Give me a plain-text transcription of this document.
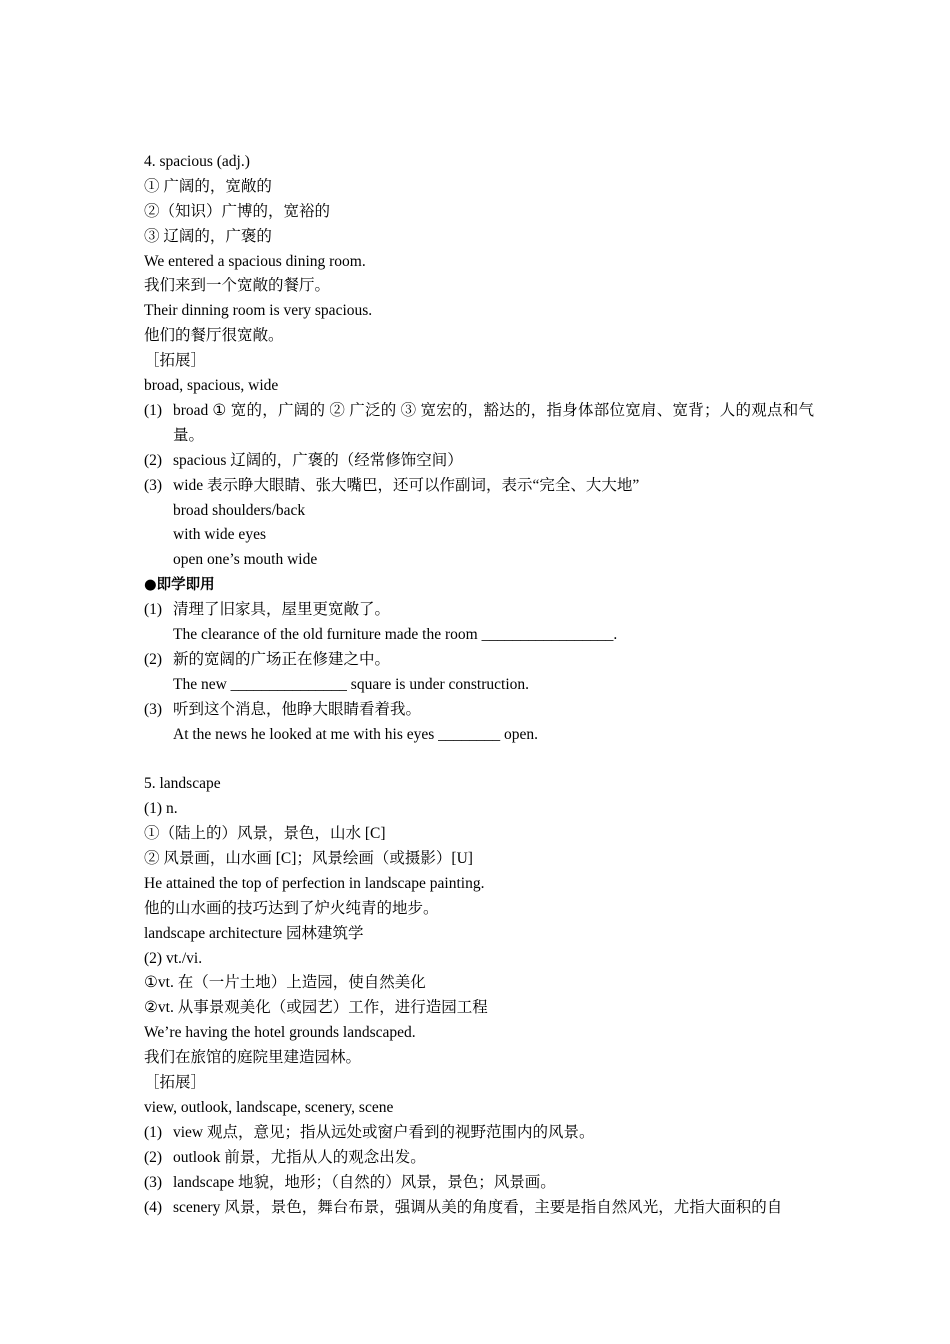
4. spacious (adj.)
① 广阔的，宽敞的
②（知识）广博的，宽裕的
③ 辽阔的，广褒的
We entered a spacious dining room.
我们来到一个宽敞的餐厅。
Their dinning room is very spacious.
他们的餐厅很宽敞。
［拓展］
broad, spacious, wide
(1) broad ① 宽的，广阔的 ② 广泛的 ③ 宽宏的，豁达的，指身体部位宽肩、宽背；人的观点和气量。
(2) spacious 辽阔的，广褒的（经常修饰空间）
(3) wide 表示睁大眼睛、张大嘴巴，还可以作副词，表示“完全、大大地”
broad shoulders/back
with wide eyes
open one’s mouth wide
●即学即用
(1) 清理了旧家具，屋里更宽敞了。
The clearance of the old furniture made the room _________________.
(2) 新的宽阔的广场正在修建之中。
The new _______________ square is under construction.
(3) 听到这个消息，他睁大眼睛看着我。
At the news he looked at me with his eyes ________ open.
5. landscape
(1) n.
①（陆上的）风景，景色，山水 [C]
② 风景画，山水画 [C]；风景绘画（或摄影）[U]
He attained the top of perfection in landscape painting.
他的山水画的技巧达到了炉火纯青的地步。
landscape architecture 园林建筑学
(2) vt./vi.
①vt. 在（一片土地）上造园，使自然美化
②vt. 从事景观美化（或园艺）工作，进行造园工程
We’re having the hotel grounds landscaped.
我们在旅馆的庭院里建造园林。
［拓展］
view, outlook, landscape, scenery, scene
(1) view 观点，意见；指从远处或窗户看到的视野范围内的风景。
(2) outlook 前景，尤指从人的观念出发。
(3) landscape 地貌，地形；（自然的）风景，景色；风景画。
(4) scenery 风景，景色，舞台布景，强调从美的角度看，主要是指自然风光，尤指大面积的自
